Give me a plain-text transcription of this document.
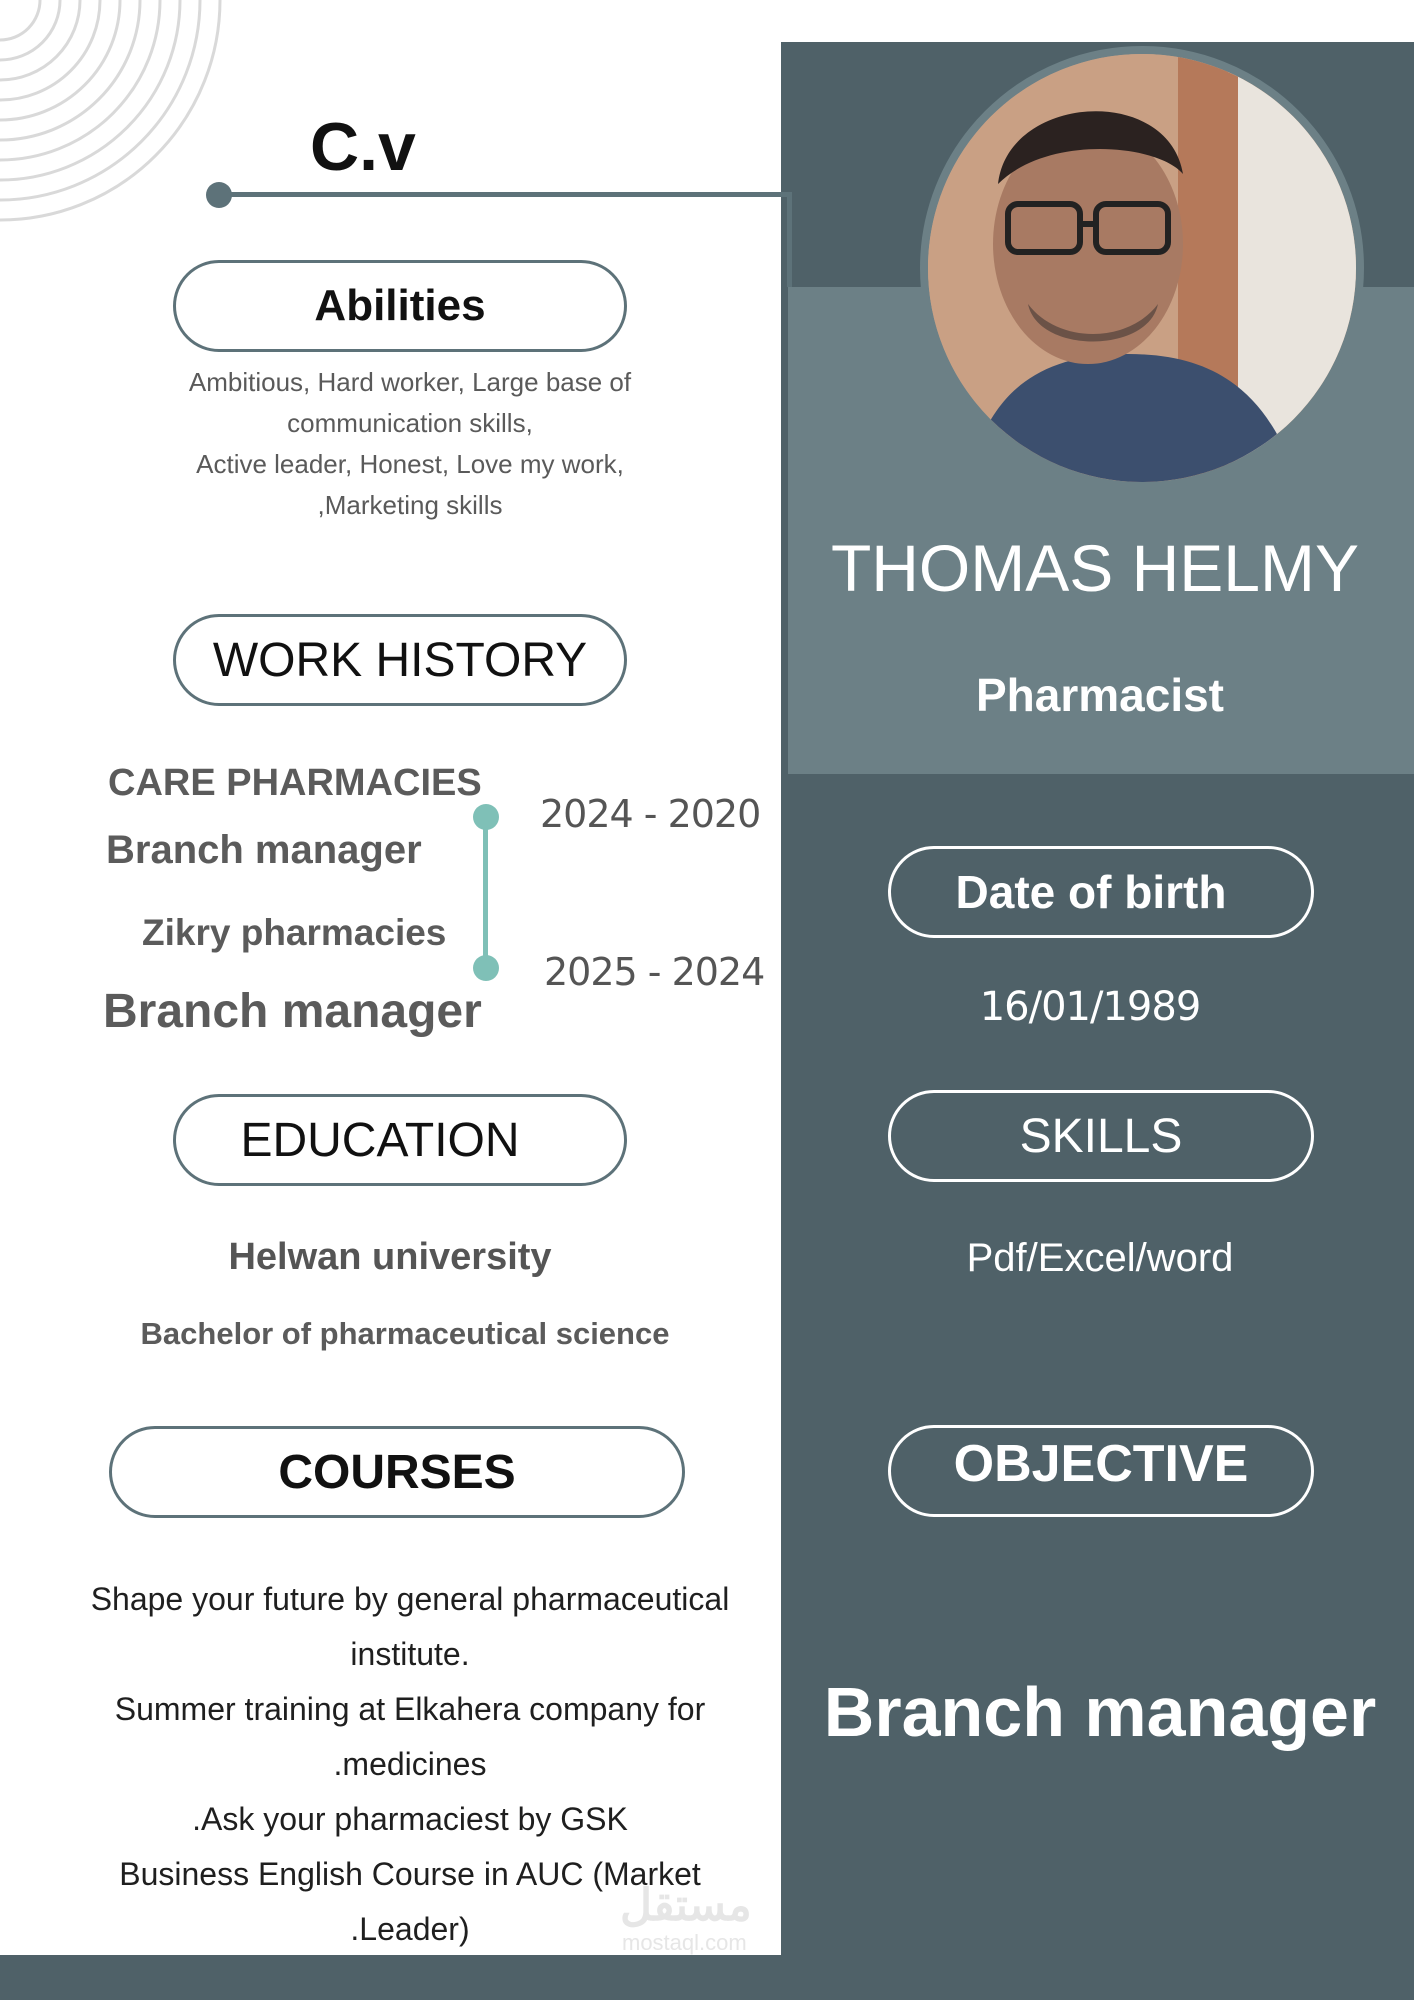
C.v
Abilities
Ambitious, Hard worker, Large base of
communication skills,
Active leader, Honest, Love my work,
,Marketing skills
WORK HISTORY
CARE PHARMACIES
Branch manager
Zikry pharmacies
Branch manager
2024 - 2020
2025 - 2024
EDUCATION
Helwan university
Bachelor of pharmaceutical science
COURSES
Shape your future by general pharmaceutical
institute.
Summer training at Elkahera company for
.medicines
.Ask your pharmaciest by GSK
Business English Course in AUC (Market
.Leader)
THOMAS HELMY
Pharmacist
Date of birth
16/01/1989
SKILLS
Pdf/Excel/word
OBJECTIVE
Branch manager
مستقل
mostaql.com
